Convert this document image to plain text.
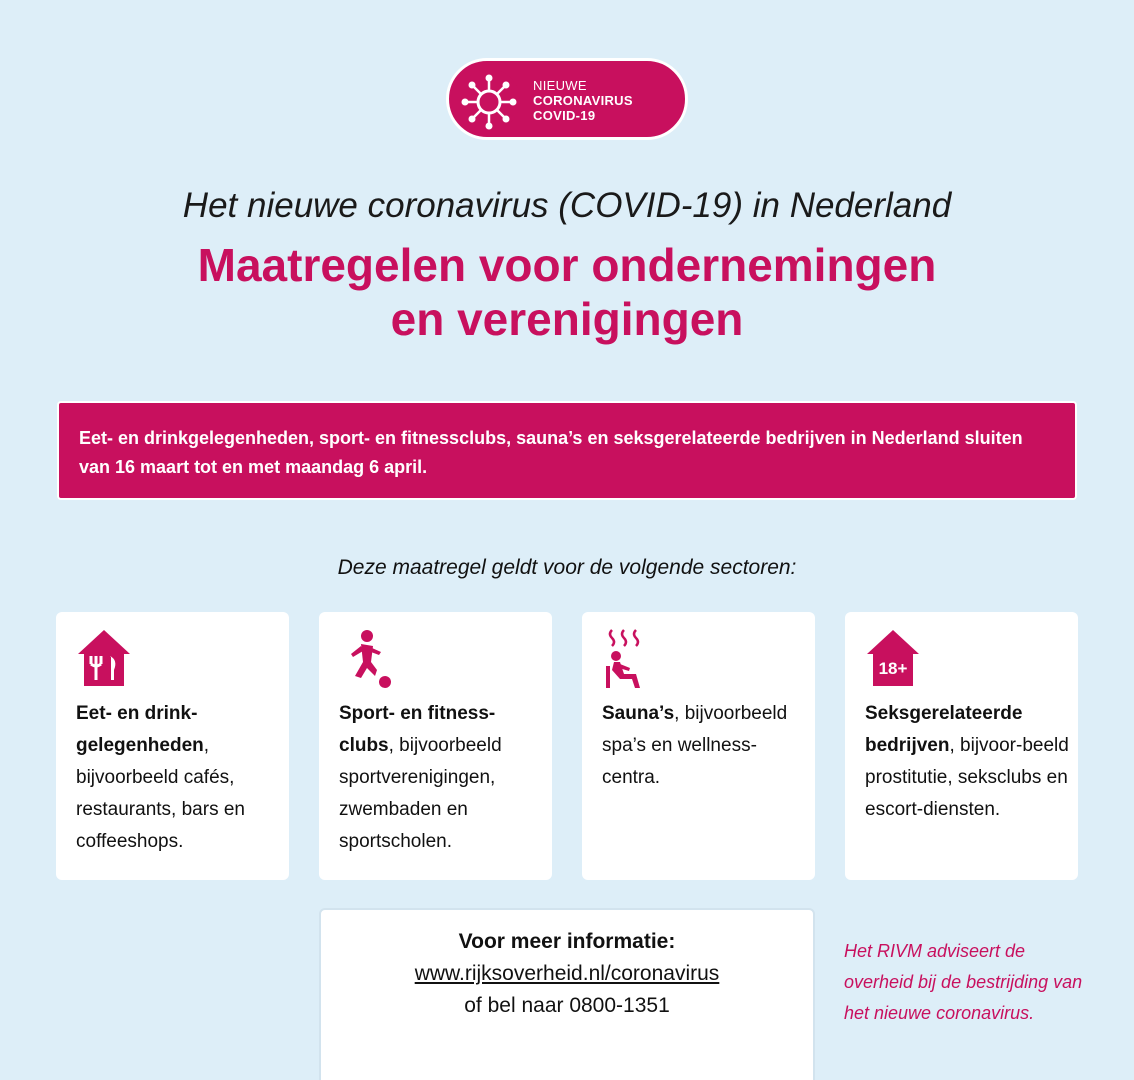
NIEUWE
CORONAVIRUS
COVID-19
Het nieuwe coronavirus (COVID-19) in Nederland
Maatregelen voor ondernemingen
en verenigingen
Eet- en drinkgelegenheden, sport- en fitnessclubs, sauna’s en seksgerelateerde bedrijven in Nederland sluiten van 16 maart tot en met maandag 6 april.
Deze maatregel geldt voor de volgende sectoren:
Eet- en drink-gelegenheden, bijvoorbeeld cafés, restaurants, bars en coffeeshops.
Sport- en fitness-clubs, bijvoorbeeld sportverenigingen, zwembaden en sportscholen.
Sauna’s, bijvoorbeeld spa’s en wellness-centra.
18+
Seksgerelateerde bedrijven, bijvoor-beeld prostitutie, seksclubs en escort-diensten.
Voor meer informatie:
www.rijksoverheid.nl/coronavirus
of bel naar 0800-1351
Het RIVM adviseert de overheid bij de bestrijding van het nieuwe coronavirus.
